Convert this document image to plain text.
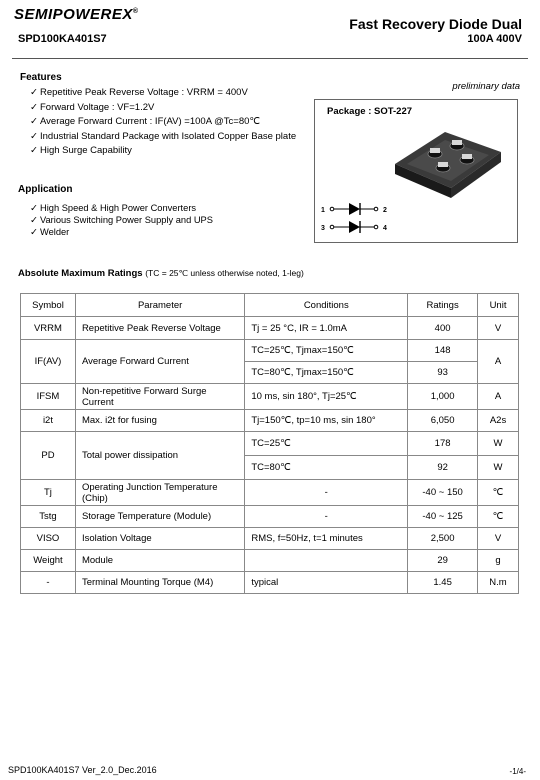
SEMIPOWEREX®
SPD100KA401S7
Fast Recovery Diode Dual
100A 400V
Features
✓ Repetitive Peak Reverse Voltage : VRRM = 400V
✓ Forward Voltage : VF=1.2V
✓ Average Forward Current : IF(AV) =100A @Tc=80℃
✓ Industrial Standard Package with Isolated Copper Base plate
✓ High Surge Capability
preliminary data
Package : SOT-227
1	2
3	4
Application
✓ High Speed & High Power Converters
✓ Various Switching Power Supply and UPS
✓ Welder
Absolute Maximum Ratings (TC = 25℃ unless otherwise noted, 1-leg)
Symbol	Parameter	Conditions	Ratings	Unit
VRRM	Repetitive Peak Reverse Voltage	Tj = 25 °C, IR = 1.0mA	400	V
IF(AV)	Average Forward Current	TC=25℃, Tjmax=150℃	148	A
		TC=80℃, Tjmax=150℃	93	
IFSM	Non-repetitive Forward Surge Current	10 ms, sin 180°, Tj=25℃	1,000	A
i2t	Max. i2t for fusing	Tj=150℃, tp=10 ms, sin 180°	6,050	A2s
PD	Total power dissipation	TC=25℃	178	W
		TC=80℃	92	W
Tj	Operating Junction Temperature (Chip)	-	-40 ~ 150	℃
Tstg	Storage Temperature (Module)	-	-40 ~ 125	℃
VISO	Isolation Voltage	RMS, f=50Hz, t=1 minutes	2,500	V
Weight	Module		29	g
-	Terminal Mounting Torque (M4)	typical	1.45	N.m
SPD100KA401S7 Ver_2.0_Dec.2016	-1/4-
